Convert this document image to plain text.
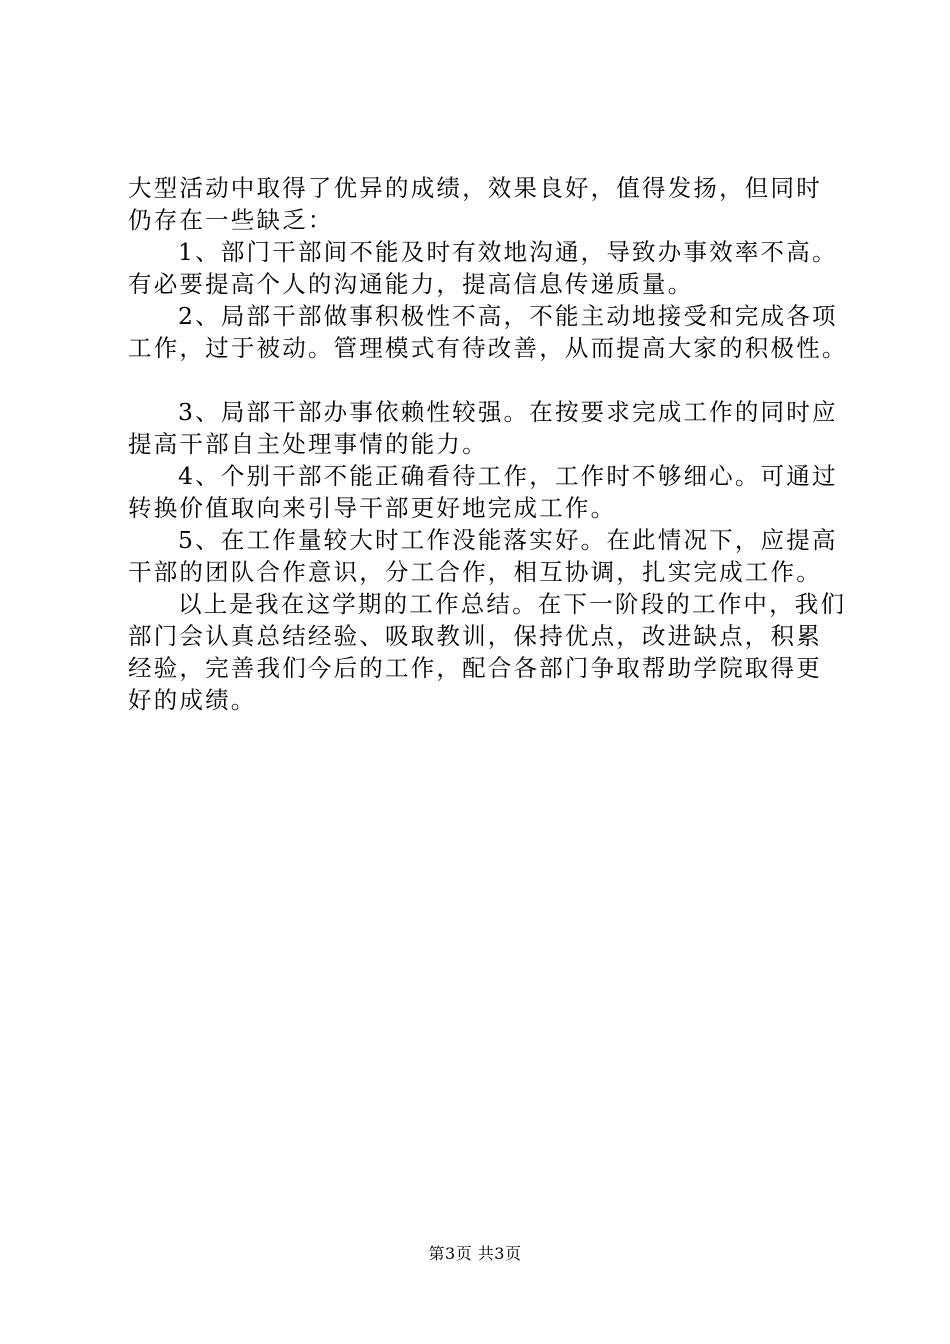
大型活动中取得了优异的成绩，效果良好，值得发扬，但同时
仍存在一些缺乏：
1、部门干部间不能及时有效地沟通，导致办事效率不高。
有必要提高个人的沟通能力，提高信息传递质量。
2、局部干部做事积极性不高，不能主动地接受和完成各项
工作，过于被动。管理模式有待改善，从而提高大家的积极性。
3、局部干部办事依赖性较强。在按要求完成工作的同时应
提高干部自主处理事情的能力。
4、个别干部不能正确看待工作，工作时不够细心。可通过
转换价值取向来引导干部更好地完成工作。
5、在工作量较大时工作没能落实好。在此情况下，应提高
干部的团队合作意识，分工合作，相互协调，扎实完成工作。
以上是我在这学期的工作总结。在下一阶段的工作中，我们
部门会认真总结经验、吸取教训，保持优点，改进缺点，积累
经验，完善我们今后的工作，配合各部门争取帮助学院取得更
好的成绩。
第3页 共3页
